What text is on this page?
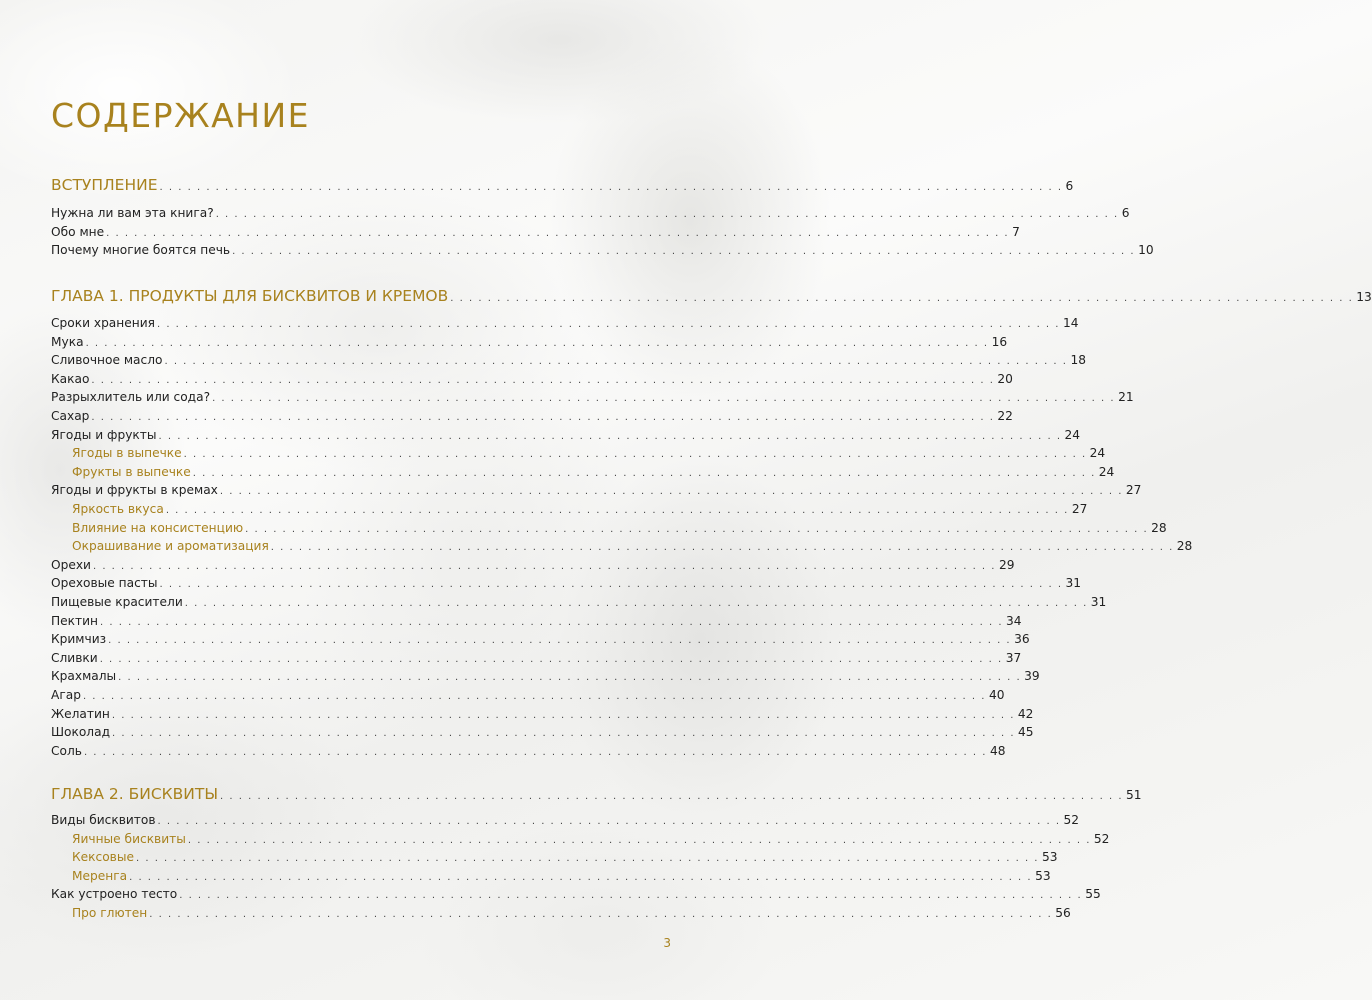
СОДЕРЖАНИЕ
ВСТУПЛЕНИЕ . . . . . . . . . . . . . . . . . . . . . . . . . . . . . . . . . . . . . . . . . . . . . . . . . . . . . . . . . . . . . . . . . . . . . . . . . . . . . . . . . . . . . . . . . . . . . . . . . 6
Нужна ли вам эта книга? . . . . . . . . . . . . . . . . . . . . . . . . . . . . . . . . . . . . . . . . . . . . . . . . . . . . . . . . . . . . . . . . . . . . . . . . . . . . . . . . . . . . . . . . . . . . . . . . . 6
Обо мне . . . . . . . . . . . . . . . . . . . . . . . . . . . . . . . . . . . . . . . . . . . . . . . . . . . . . . . . . . . . . . . . . . . . . . . . . . . . . . . . . . . . . . . . . . . . . . . . . 7
Почему многие боятся печь . . . . . . . . . . . . . . . . . . . . . . . . . . . . . . . . . . . . . . . . . . . . . . . . . . . . . . . . . . . . . . . . . . . . . . . . . . . . . . . . . . . . . . . . . . . . . . . . . 10
ГЛАВА 1. ПРОДУКТЫ ДЛЯ БИСКВИТОВ И КРЕМОВ . . . . . . . . . . . . . . . . . . . . . . . . . . . . . . . . . . . . . . . . . . . . . . . . . . . . . . . . . . . . . . . . . . . . . . . . . . . . . . . . . . . . . . . . . . . . . . . . . 13
Сроки хранения . . . . . . . . . . . . . . . . . . . . . . . . . . . . . . . . . . . . . . . . . . . . . . . . . . . . . . . . . . . . . . . . . . . . . . . . . . . . . . . . . . . . . . . . . . . . . . . . . 14
Мука . . . . . . . . . . . . . . . . . . . . . . . . . . . . . . . . . . . . . . . . . . . . . . . . . . . . . . . . . . . . . . . . . . . . . . . . . . . . . . . . . . . . . . . . . . . . . . . . . 16
Сливочное масло . . . . . . . . . . . . . . . . . . . . . . . . . . . . . . . . . . . . . . . . . . . . . . . . . . . . . . . . . . . . . . . . . . . . . . . . . . . . . . . . . . . . . . . . . . . . . . . . . 18
Какао . . . . . . . . . . . . . . . . . . . . . . . . . . . . . . . . . . . . . . . . . . . . . . . . . . . . . . . . . . . . . . . . . . . . . . . . . . . . . . . . . . . . . . . . . . . . . . . . . 20
Разрыхлитель или сода? . . . . . . . . . . . . . . . . . . . . . . . . . . . . . . . . . . . . . . . . . . . . . . . . . . . . . . . . . . . . . . . . . . . . . . . . . . . . . . . . . . . . . . . . . . . . . . . . . 21
Сахар . . . . . . . . . . . . . . . . . . . . . . . . . . . . . . . . . . . . . . . . . . . . . . . . . . . . . . . . . . . . . . . . . . . . . . . . . . . . . . . . . . . . . . . . . . . . . . . . . 22
Ягоды и фрукты . . . . . . . . . . . . . . . . . . . . . . . . . . . . . . . . . . . . . . . . . . . . . . . . . . . . . . . . . . . . . . . . . . . . . . . . . . . . . . . . . . . . . . . . . . . . . . . . . 24
Ягоды в выпечке . . . . . . . . . . . . . . . . . . . . . . . . . . . . . . . . . . . . . . . . . . . . . . . . . . . . . . . . . . . . . . . . . . . . . . . . . . . . . . . . . . . . . . . . . . . . . . . . . 24
Фрукты в выпечке . . . . . . . . . . . . . . . . . . . . . . . . . . . . . . . . . . . . . . . . . . . . . . . . . . . . . . . . . . . . . . . . . . . . . . . . . . . . . . . . . . . . . . . . . . . . . . . . . 24
Ягоды и фрукты в кремах . . . . . . . . . . . . . . . . . . . . . . . . . . . . . . . . . . . . . . . . . . . . . . . . . . . . . . . . . . . . . . . . . . . . . . . . . . . . . . . . . . . . . . . . . . . . . . . . . 27
Яркость вкуса . . . . . . . . . . . . . . . . . . . . . . . . . . . . . . . . . . . . . . . . . . . . . . . . . . . . . . . . . . . . . . . . . . . . . . . . . . . . . . . . . . . . . . . . . . . . . . . . . 27
Влияние на консистенцию . . . . . . . . . . . . . . . . . . . . . . . . . . . . . . . . . . . . . . . . . . . . . . . . . . . . . . . . . . . . . . . . . . . . . . . . . . . . . . . . . . . . . . . . . . . . . . . . . 28
Окрашивание и ароматизация . . . . . . . . . . . . . . . . . . . . . . . . . . . . . . . . . . . . . . . . . . . . . . . . . . . . . . . . . . . . . . . . . . . . . . . . . . . . . . . . . . . . . . . . . . . . . . . . . 28
Орехи . . . . . . . . . . . . . . . . . . . . . . . . . . . . . . . . . . . . . . . . . . . . . . . . . . . . . . . . . . . . . . . . . . . . . . . . . . . . . . . . . . . . . . . . . . . . . . . . . 29
Ореховые пасты . . . . . . . . . . . . . . . . . . . . . . . . . . . . . . . . . . . . . . . . . . . . . . . . . . . . . . . . . . . . . . . . . . . . . . . . . . . . . . . . . . . . . . . . . . . . . . . . . 31
Пищевые красители . . . . . . . . . . . . . . . . . . . . . . . . . . . . . . . . . . . . . . . . . . . . . . . . . . . . . . . . . . . . . . . . . . . . . . . . . . . . . . . . . . . . . . . . . . . . . . . . . 31
Пектин . . . . . . . . . . . . . . . . . . . . . . . . . . . . . . . . . . . . . . . . . . . . . . . . . . . . . . . . . . . . . . . . . . . . . . . . . . . . . . . . . . . . . . . . . . . . . . . . . 34
Кримчиз . . . . . . . . . . . . . . . . . . . . . . . . . . . . . . . . . . . . . . . . . . . . . . . . . . . . . . . . . . . . . . . . . . . . . . . . . . . . . . . . . . . . . . . . . . . . . . . . . 36
Сливки . . . . . . . . . . . . . . . . . . . . . . . . . . . . . . . . . . . . . . . . . . . . . . . . . . . . . . . . . . . . . . . . . . . . . . . . . . . . . . . . . . . . . . . . . . . . . . . . . 37
Крахмалы . . . . . . . . . . . . . . . . . . . . . . . . . . . . . . . . . . . . . . . . . . . . . . . . . . . . . . . . . . . . . . . . . . . . . . . . . . . . . . . . . . . . . . . . . . . . . . . . . 39
Агар . . . . . . . . . . . . . . . . . . . . . . . . . . . . . . . . . . . . . . . . . . . . . . . . . . . . . . . . . . . . . . . . . . . . . . . . . . . . . . . . . . . . . . . . . . . . . . . . . 40
Желатин . . . . . . . . . . . . . . . . . . . . . . . . . . . . . . . . . . . . . . . . . . . . . . . . . . . . . . . . . . . . . . . . . . . . . . . . . . . . . . . . . . . . . . . . . . . . . . . . . 42
Шоколад . . . . . . . . . . . . . . . . . . . . . . . . . . . . . . . . . . . . . . . . . . . . . . . . . . . . . . . . . . . . . . . . . . . . . . . . . . . . . . . . . . . . . . . . . . . . . . . . . 45
Соль . . . . . . . . . . . . . . . . . . . . . . . . . . . . . . . . . . . . . . . . . . . . . . . . . . . . . . . . . . . . . . . . . . . . . . . . . . . . . . . . . . . . . . . . . . . . . . . . . 48
ГЛАВА 2. БИСКВИТЫ . . . . . . . . . . . . . . . . . . . . . . . . . . . . . . . . . . . . . . . . . . . . . . . . . . . . . . . . . . . . . . . . . . . . . . . . . . . . . . . . . . . . . . . . . . . . . . . . . 51
Виды бисквитов . . . . . . . . . . . . . . . . . . . . . . . . . . . . . . . . . . . . . . . . . . . . . . . . . . . . . . . . . . . . . . . . . . . . . . . . . . . . . . . . . . . . . . . . . . . . . . . . . 52
Яичные бисквиты . . . . . . . . . . . . . . . . . . . . . . . . . . . . . . . . . . . . . . . . . . . . . . . . . . . . . . . . . . . . . . . . . . . . . . . . . . . . . . . . . . . . . . . . . . . . . . . . . 52
Кексовые . . . . . . . . . . . . . . . . . . . . . . . . . . . . . . . . . . . . . . . . . . . . . . . . . . . . . . . . . . . . . . . . . . . . . . . . . . . . . . . . . . . . . . . . . . . . . . . . . 53
Меренга . . . . . . . . . . . . . . . . . . . . . . . . . . . . . . . . . . . . . . . . . . . . . . . . . . . . . . . . . . . . . . . . . . . . . . . . . . . . . . . . . . . . . . . . . . . . . . . . . 53
Как устроено тесто . . . . . . . . . . . . . . . . . . . . . . . . . . . . . . . . . . . . . . . . . . . . . . . . . . . . . . . . . . . . . . . . . . . . . . . . . . . . . . . . . . . . . . . . . . . . . . . . . 55
Про глютен . . . . . . . . . . . . . . . . . . . . . . . . . . . . . . . . . . . . . . . . . . . . . . . . . . . . . . . . . . . . . . . . . . . . . . . . . . . . . . . . . . . . . . . . . . . . . . . . . 56
3
